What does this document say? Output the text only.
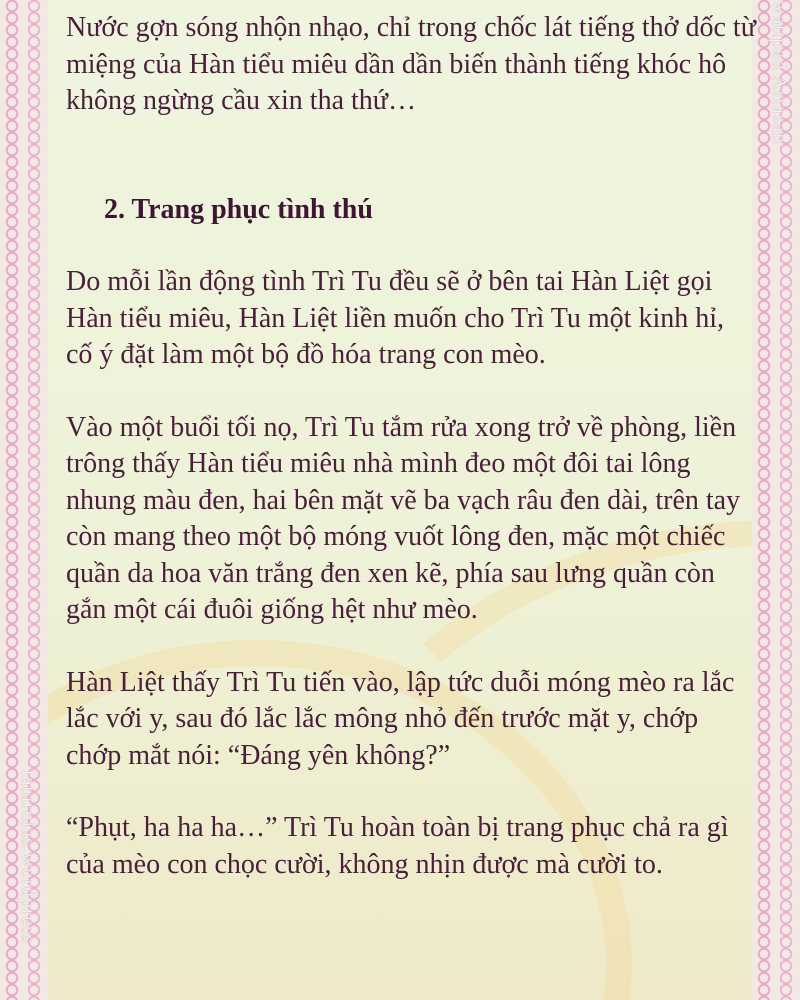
wattpad Ariasan
latarnias.wordpress

Nước gợn sóng nhộn nhạo, chỉ trong chốc lát tiếng thở dốc từ miệng của Hàn tiểu miêu dần dần biến thành tiếng khóc hô không ngừng cầu xin tha thứ…

2. Trang phục tình thú

Do mỗi lần động tình Trì Tu đều sẽ ở bên tai Hàn Liệt gọi Hàn tiểu miêu, Hàn Liệt liền muốn cho Trì Tu một kinh hỉ, cố ý đặt làm một bộ đồ hóa trang con mèo.

Vào một buổi tối nọ, Trì Tu tắm rửa xong trở về phòng, liền trông thấy Hàn tiểu miêu nhà mình đeo một đôi tai lông nhung màu đen, hai bên mặt vẽ ba vạch râu đen dài, trên tay còn mang theo một bộ móng vuốt lông đen, mặc một chiếc quần da hoa văn trắng đen xen kẽ, phía sau lưng quần còn gắn một cái đuôi giống hệt như mèo.

Hàn Liệt thấy Trì Tu tiến vào, lập tức duỗi móng mèo ra lắc lắc với y, sau đó lắc lắc mông nhỏ đến trước mặt y, chớp chớp mắt nói: “Đáng yên không?”

“Phụt, ha ha ha…” Trì Tu hoàn toàn bị trang phục chả ra gì của mèo con chọc cười, không nhịn được mà cười to.
